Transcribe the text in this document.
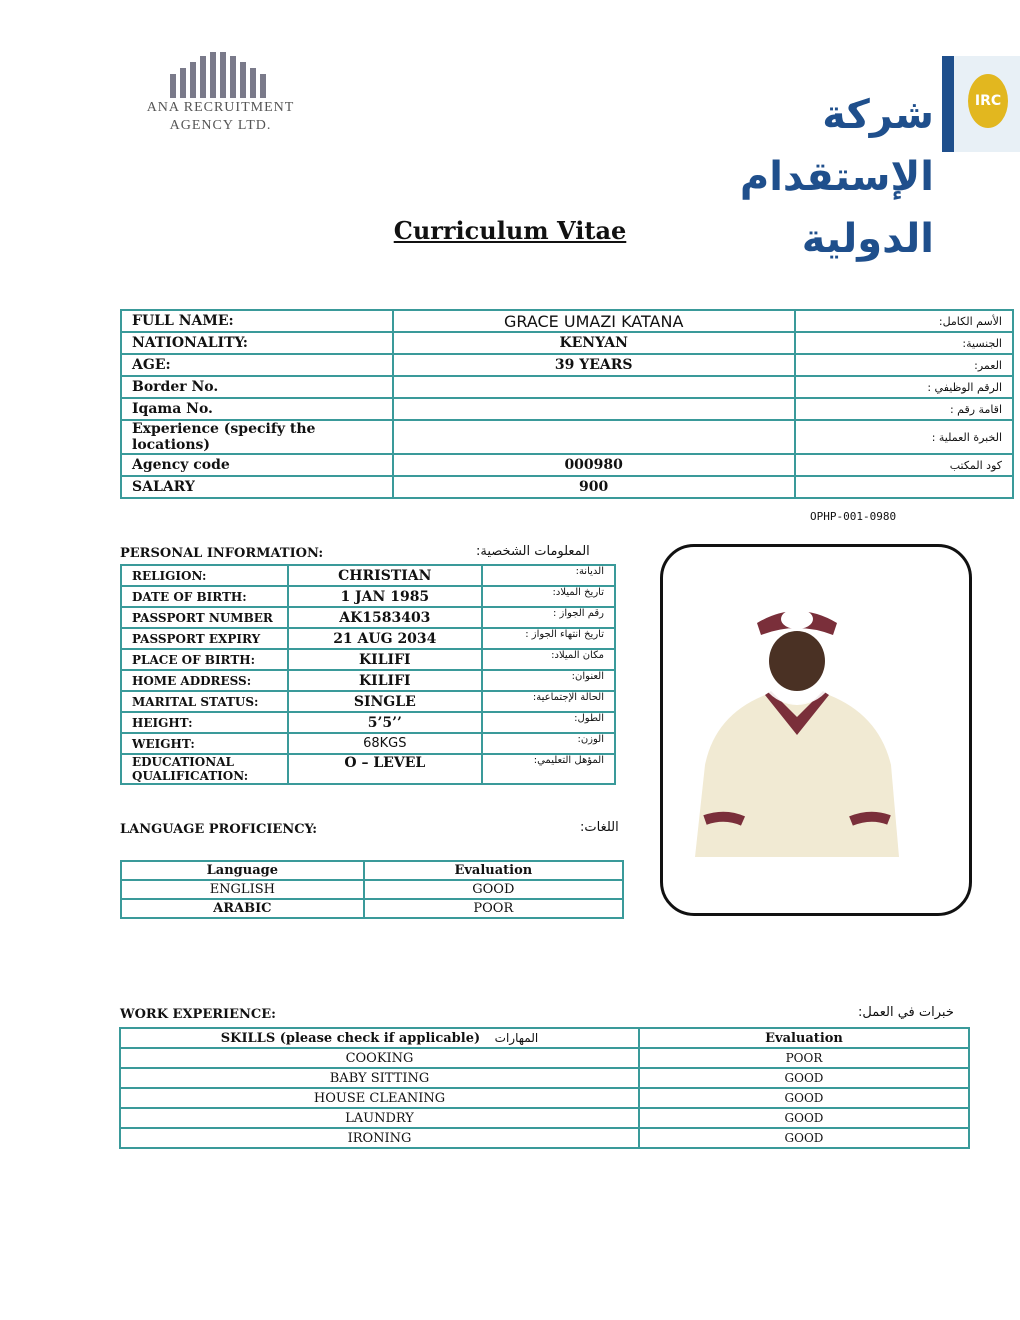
ANA RECRUITMENT
AGENCY LTD.	شركة الإستقدام الدولية
IRC
Curriculum Vitae
FULL NAME:	GRACE UMAZI KATANA	الأسم الكامل:
NATIONALITY:	KENYAN	الجنسية:
AGE:	39 YEARS	العمر:
Border No.		الرقم الوظيفي :
Iqama No.		اقامة رقم :
Experience (specify the locations)		الخبرة العملية :
Agency code	000980	كود المكتب
SALARY	900	
OPHP-001-0980
PERSONAL INFORMATION:	المعلومات الشخصية:
RELIGION:	CHRISTIAN	الديانة:
DATE OF BIRTH:	1 JAN 1985	تاريخ الميلاد:
PASSPORT NUMBER	AK1583403	رقم الجواز :
PASSPORT EXPIRY	21 AUG 2034	تاريخ انتهاء الجواز :
PLACE OF BIRTH:	KILIFI	مكان الميلاد:
HOME ADDRESS:	KILIFI	العنوان:
MARITAL STATUS:	SINGLE	الحالة الإجتماعية:
HEIGHT:	5’5’’	الطول:
WEIGHT:	68KGS	الوزن:
EDUCATIONAL QUALIFICATION:	O – LEVEL	المؤهل التعليمي:
LANGUAGE PROFICIENCY:	اللغات:
Language	Evaluation
ENGLISH	GOOD
ARABIC	POOR
WORK EXPERIENCE:	خبرات في العمل:
SKILLS (please check if applicable) المهارات	Evaluation
COOKING	POOR
BABY SITTING	GOOD
HOUSE CLEANING	GOOD
LAUNDRY	GOOD
IRONING	GOOD
